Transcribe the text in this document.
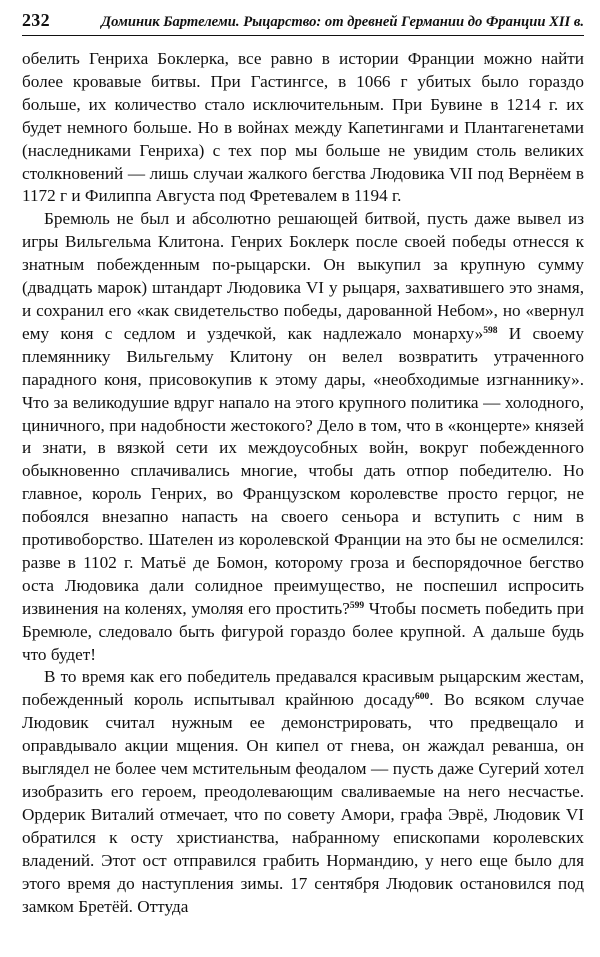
232	Доминик Бартелеми. Рыцарство: от древней Германии до Франции XII в.

обелить Генриха Боклерка, все равно в истории Франции можно найти более кровавые битвы. При Гастингсе, в 1066 г убитых было гораздо больше, их количество стало исключительным. При Бувине в 1214 г. их будет немного больше. Но в войнах между Капетингами и Плантагенетами (наследниками Генриха) с тех пор мы больше не увидим столь великих столкновений — лишь случаи жалкого бегства Людовика VII под Вернёем в 1172 г и Филиппа Августа под Фретевалем в 1194 г.

Бремюль не был и абсолютно решающей битвой, пусть даже вывел из игры Вильгельма Клитона. Генрих Боклерк после своей победы отнесся к знатным побежденным по-рыцарски. Он выкупил за крупную сумму (двадцать марок) штандарт Людовика VI у рыцаря, захватившего это знамя, и сохранил его «как свидетельство победы, дарованной Небом», но «вернул ему коня с седлом и уздечкой, как надлежало монарху»$^{598}$ И своему племяннику Вильгельму Клитону он велел возвратить утраченного парадного коня, присовокупив к этому дары, «необходимые изгнаннику». Что за великодушие вдруг напало на этого крупного политика — холодного, циничного, при надобности жестокого? Дело в том, что в «концерте» князей и знати, в вязкой сети их междоусобных войн, вокруг побежденного обыкновенно сплачивались многие, чтобы дать отпор победителю. Но главное, король Генрих, во Французском королевстве просто герцог, не побоялся внезапно напасть на своего сеньора и вступить с ним в противоборство. Шателен из королевской Франции на это бы не осмелился: разве в 1102 г. Матьё де Бомон, которому гроза и беспорядочное бегство оста Людовика дали солидное преимущество, не поспешил испросить извинения на коленях, умоляя его простить?$^{599}$ Чтобы посметь победить при Бремюле, следовало быть фигурой гораздо более крупной. А дальше будь что будет!

В то время как его победитель предавался красивым рыцарским жестам, побежденный король испытывал крайнюю досаду$^{600}$. Во всяком случае Людовик считал нужным ее демонстрировать, что предвещало и оправдывало акции мщения. Он кипел от гнева, он жаждал реванша, он выглядел не более чем мстительным феодалом — пусть даже Сугерий хотел изобразить его героем, преодолевающим сваливаемые на него несчастье. Ордерик Виталий отмечает, что по совету Амори, графа Эврё, Людовик VI обратился к осту христианства, набранному епископами королевских владений. Этот ост отправился грабить Нормандию, у него еще было для этого время до наступления зимы. 17 сентября Людовик остановился под замком Бретёй. Оттуда
